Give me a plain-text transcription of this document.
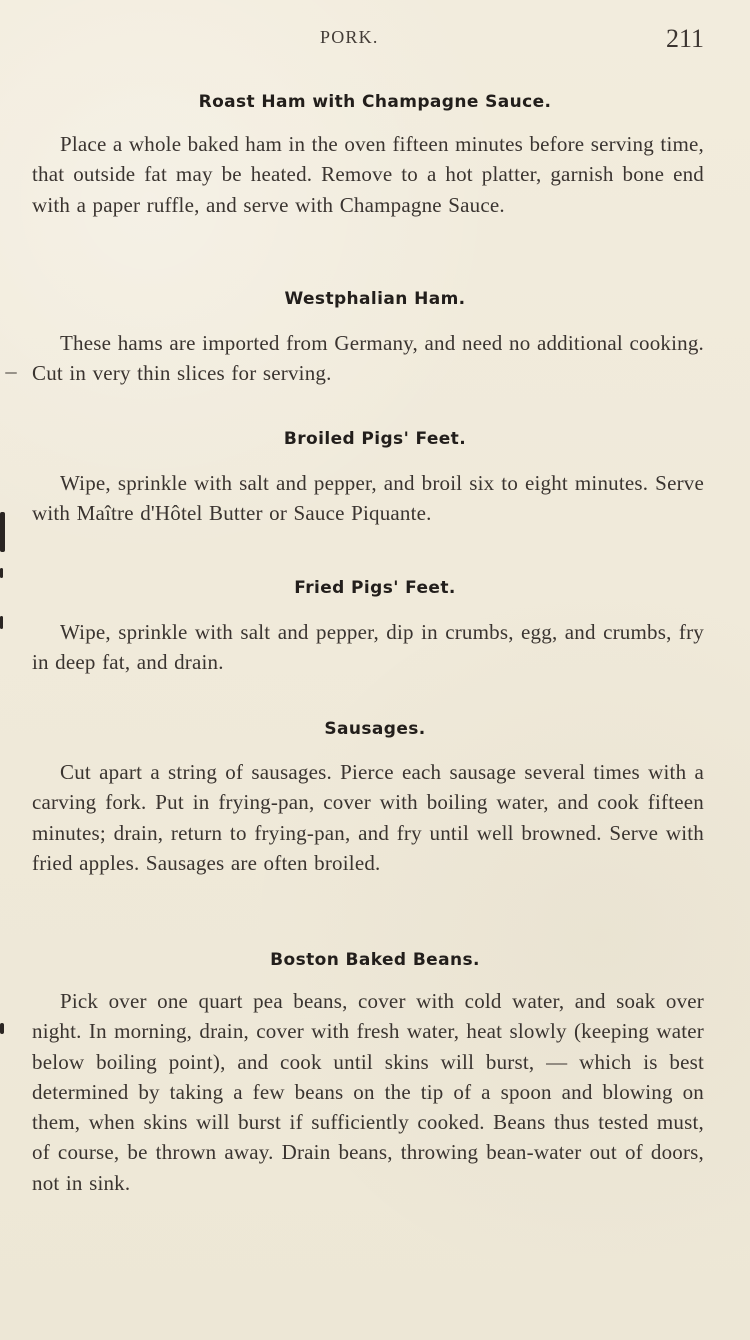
PORK.	211
Roast Ham with Champagne Sauce.

Place a whole baked ham in the oven fifteen minutes before serving time, that outside fat may be heated. Remove to a hot platter, garnish bone end with a paper ruffle, and serve with Champagne Sauce.

Westphalian Ham.

These hams are imported from Germany, and need no additional cooking. Cut in very thin slices for serving.

Broiled Pigs' Feet.

Wipe, sprinkle with salt and pepper, and broil six to eight minutes. Serve with Maître d'Hôtel Butter or Sauce Piquante.

Fried Pigs' Feet.

Wipe, sprinkle with salt and pepper, dip in crumbs, egg, and crumbs, fry in deep fat, and drain.

Sausages.

Cut apart a string of sausages. Pierce each sausage several times with a carving fork. Put in frying-pan, cover with boiling water, and cook fifteen minutes; drain, return to frying-pan, and fry until well browned. Serve with fried apples. Sausages are often broiled.

Boston Baked Beans.

Pick over one quart pea beans, cover with cold water, and soak over night. In morning, drain, cover with fresh water, heat slowly (keeping water below boiling point), and cook until skins will burst, — which is best determined by taking a few beans on the tip of a spoon and blowing on them, when skins will burst if sufficiently cooked. Beans thus tested must, of course, be thrown away. Drain beans, throwing bean-water out of doors, not in sink.
